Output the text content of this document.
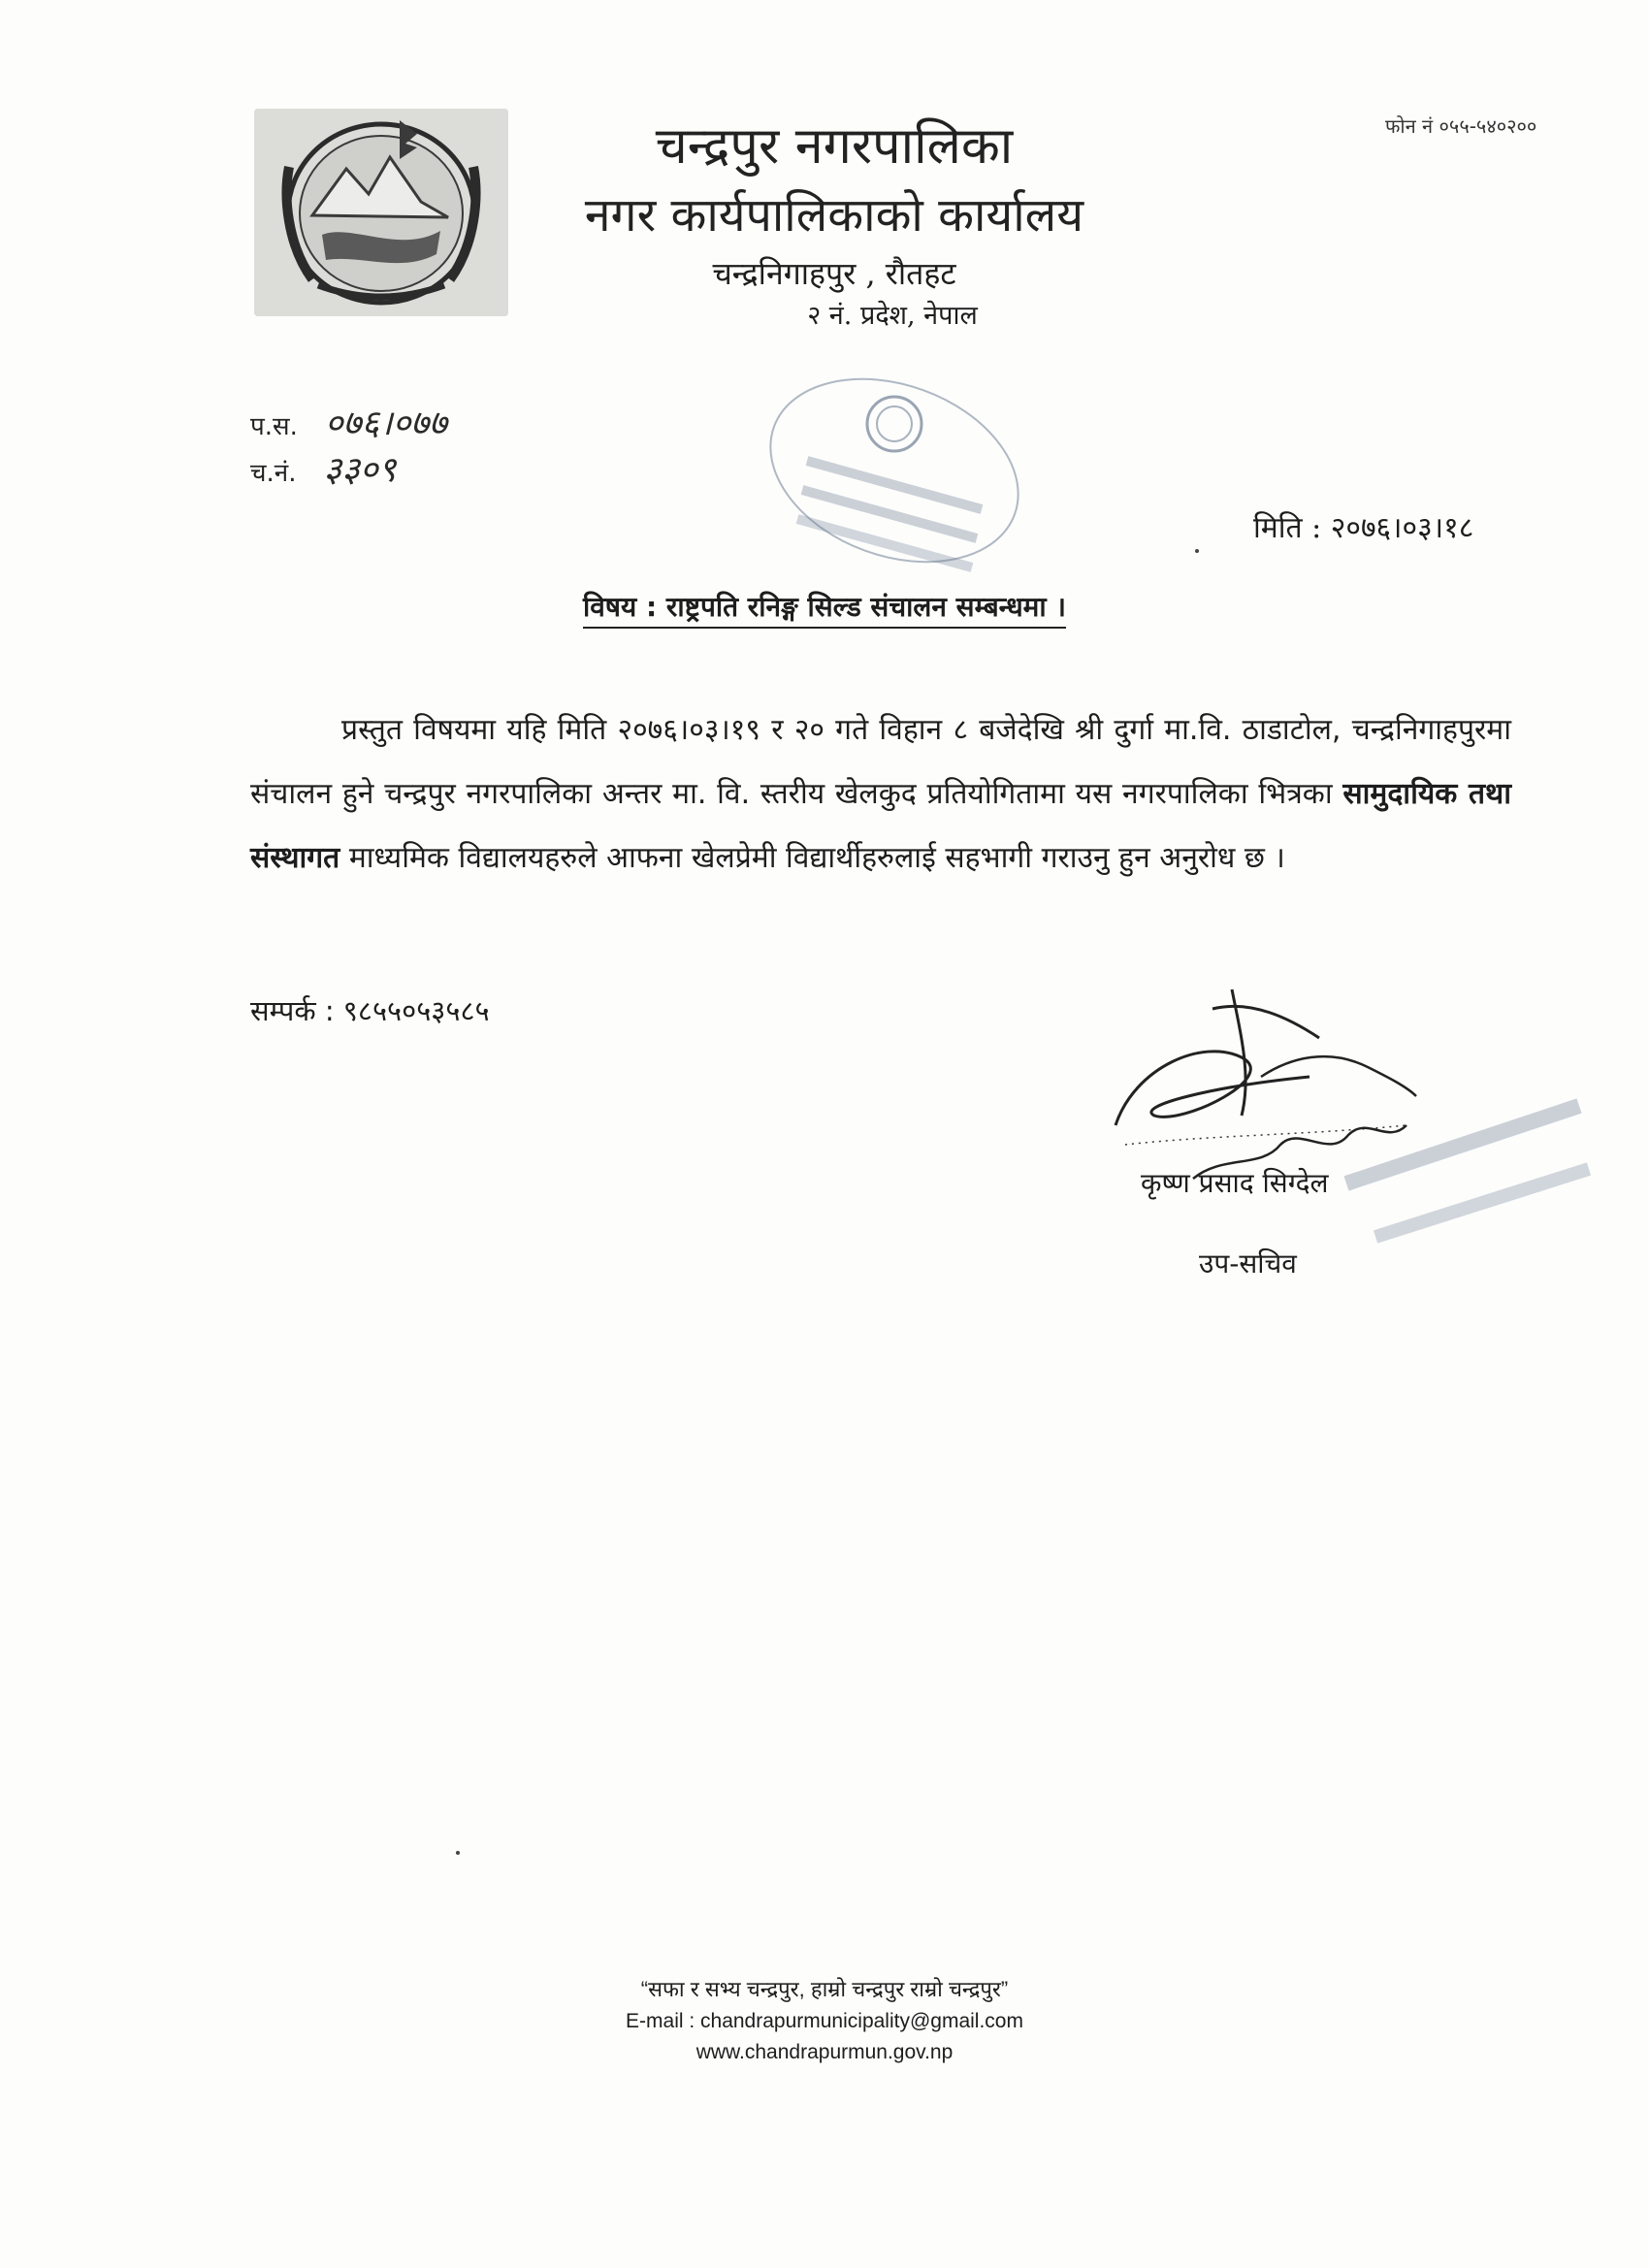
फोन नं ०५५-५४०२००
चन्द्रपुर नगरपालिका
नगर कार्यपालिकाको कार्यालय
चन्द्रनिगाहपुर , रौतहट
२ नं. प्रदेश, नेपाल
प.स. ०७६।०७७
च.नं. ३३०९
मिति : २०७६।०३।१८
विषय : राष्ट्रपति रनिङ्ग सिल्ड संचालन सम्बन्धमा ।
प्रस्तुत विषयमा यहि मिति २०७६।०३।१९ र २० गते विहान ८ बजेदेखि श्री दुर्गा मा.वि. ठाडाटोल, चन्द्रनिगाहपुरमा संचालन हुने चन्द्रपुर नगरपालिका अन्तर मा. वि. स्तरीय खेलकुद प्रतियोगितामा यस नगरपालिका भित्रका सामुदायिक तथा संस्थागत माध्यमिक विद्यालयहरुले आफना खेलप्रेमी विद्यार्थीहरुलाई सहभागी गराउनु हुन अनुरोध छ ।
सम्पर्क : ९८५५०५३५८५
कृष्ण प्रसाद सिग्देल
उप-सचिव
“सफा र सभ्य चन्द्रपुर, हाम्रो चन्द्रपुर राम्रो चन्द्रपुर”
E-mail : chandrapurmunicipality@gmail.com
www.chandrapurmun.gov.np
